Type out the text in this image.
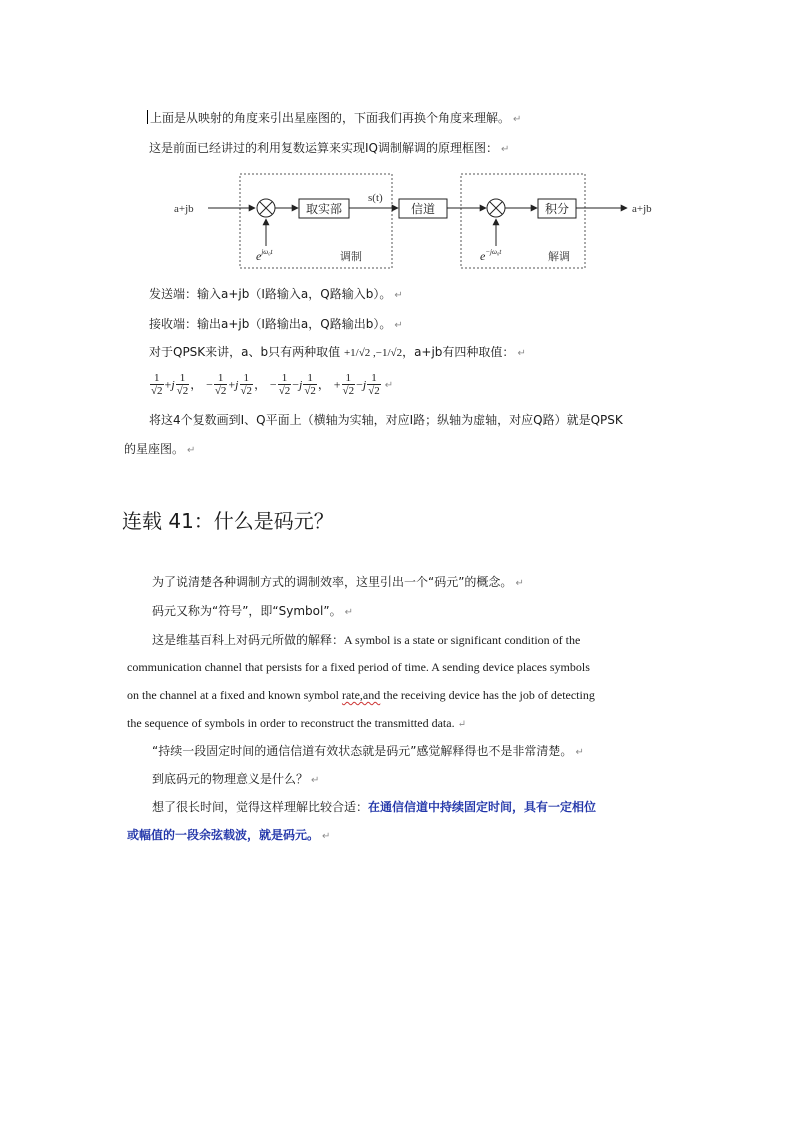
上面是从映射的角度来引出星座图的，下面我们再换个角度来理解。 ↵
这是前面已经讲过的利用复数运算来实现IQ调制解调的原理框图： ↵
a+jb	取实部
$e^{j\omega_0t}$	调制
s(t)
信道	积分
$e^{-j\omega_0t}$	解调
a+jb
发送端：输入a+jb（I路输入a，Q路输入b）。 ↵
接收端：输出a+jb（I路输出a，Q路输出b）。 ↵
对于QPSK来讲，a、b只有两种取值 +1/√2 ,−1/√2，a+jb有四种取值： ↵
$\frac{1}{√2} +j \frac{1}{√2}$ ， − $\frac{1}{√2} +j \frac{1}{√2}$ ， − $\frac{1}{√2} -j \frac{1}{√2}$ ， + $\frac{1}{√2} -j \frac{1}{√2}$ ↵
将这4个复数画到I、Q平面上（横轴为实轴，对应I路；纵轴为虚轴，对应Q路）就是QPSK
的星座图。 ↵
连载 41：什么是码元？
为了说清楚各种调制方式的调制效率，这里引出一个“码元”的概念。 ↵
码元又称为“符号”，即“Symbol”。 ↵
这是维基百科上对码元所做的解释：A symbol is a state or significant condition of the
communication channel that persists for a fixed period of time. A sending device places symbols
on the channel at a fixed and known symbol rate,and the receiving device has the job of detecting
the sequence of symbols in order to reconstruct the transmitted data. ↵
“持续一段固定时间的通信信道有效状态就是码元”感觉解释得也不是非常清楚。 ↵
到底码元的物理意义是什么？ ↵
想了很长时间，觉得这样理解比较合适：在通信信道中持续固定时间，具有一定相位
或幅值的一段余弦载波，就是码元。 ↵
